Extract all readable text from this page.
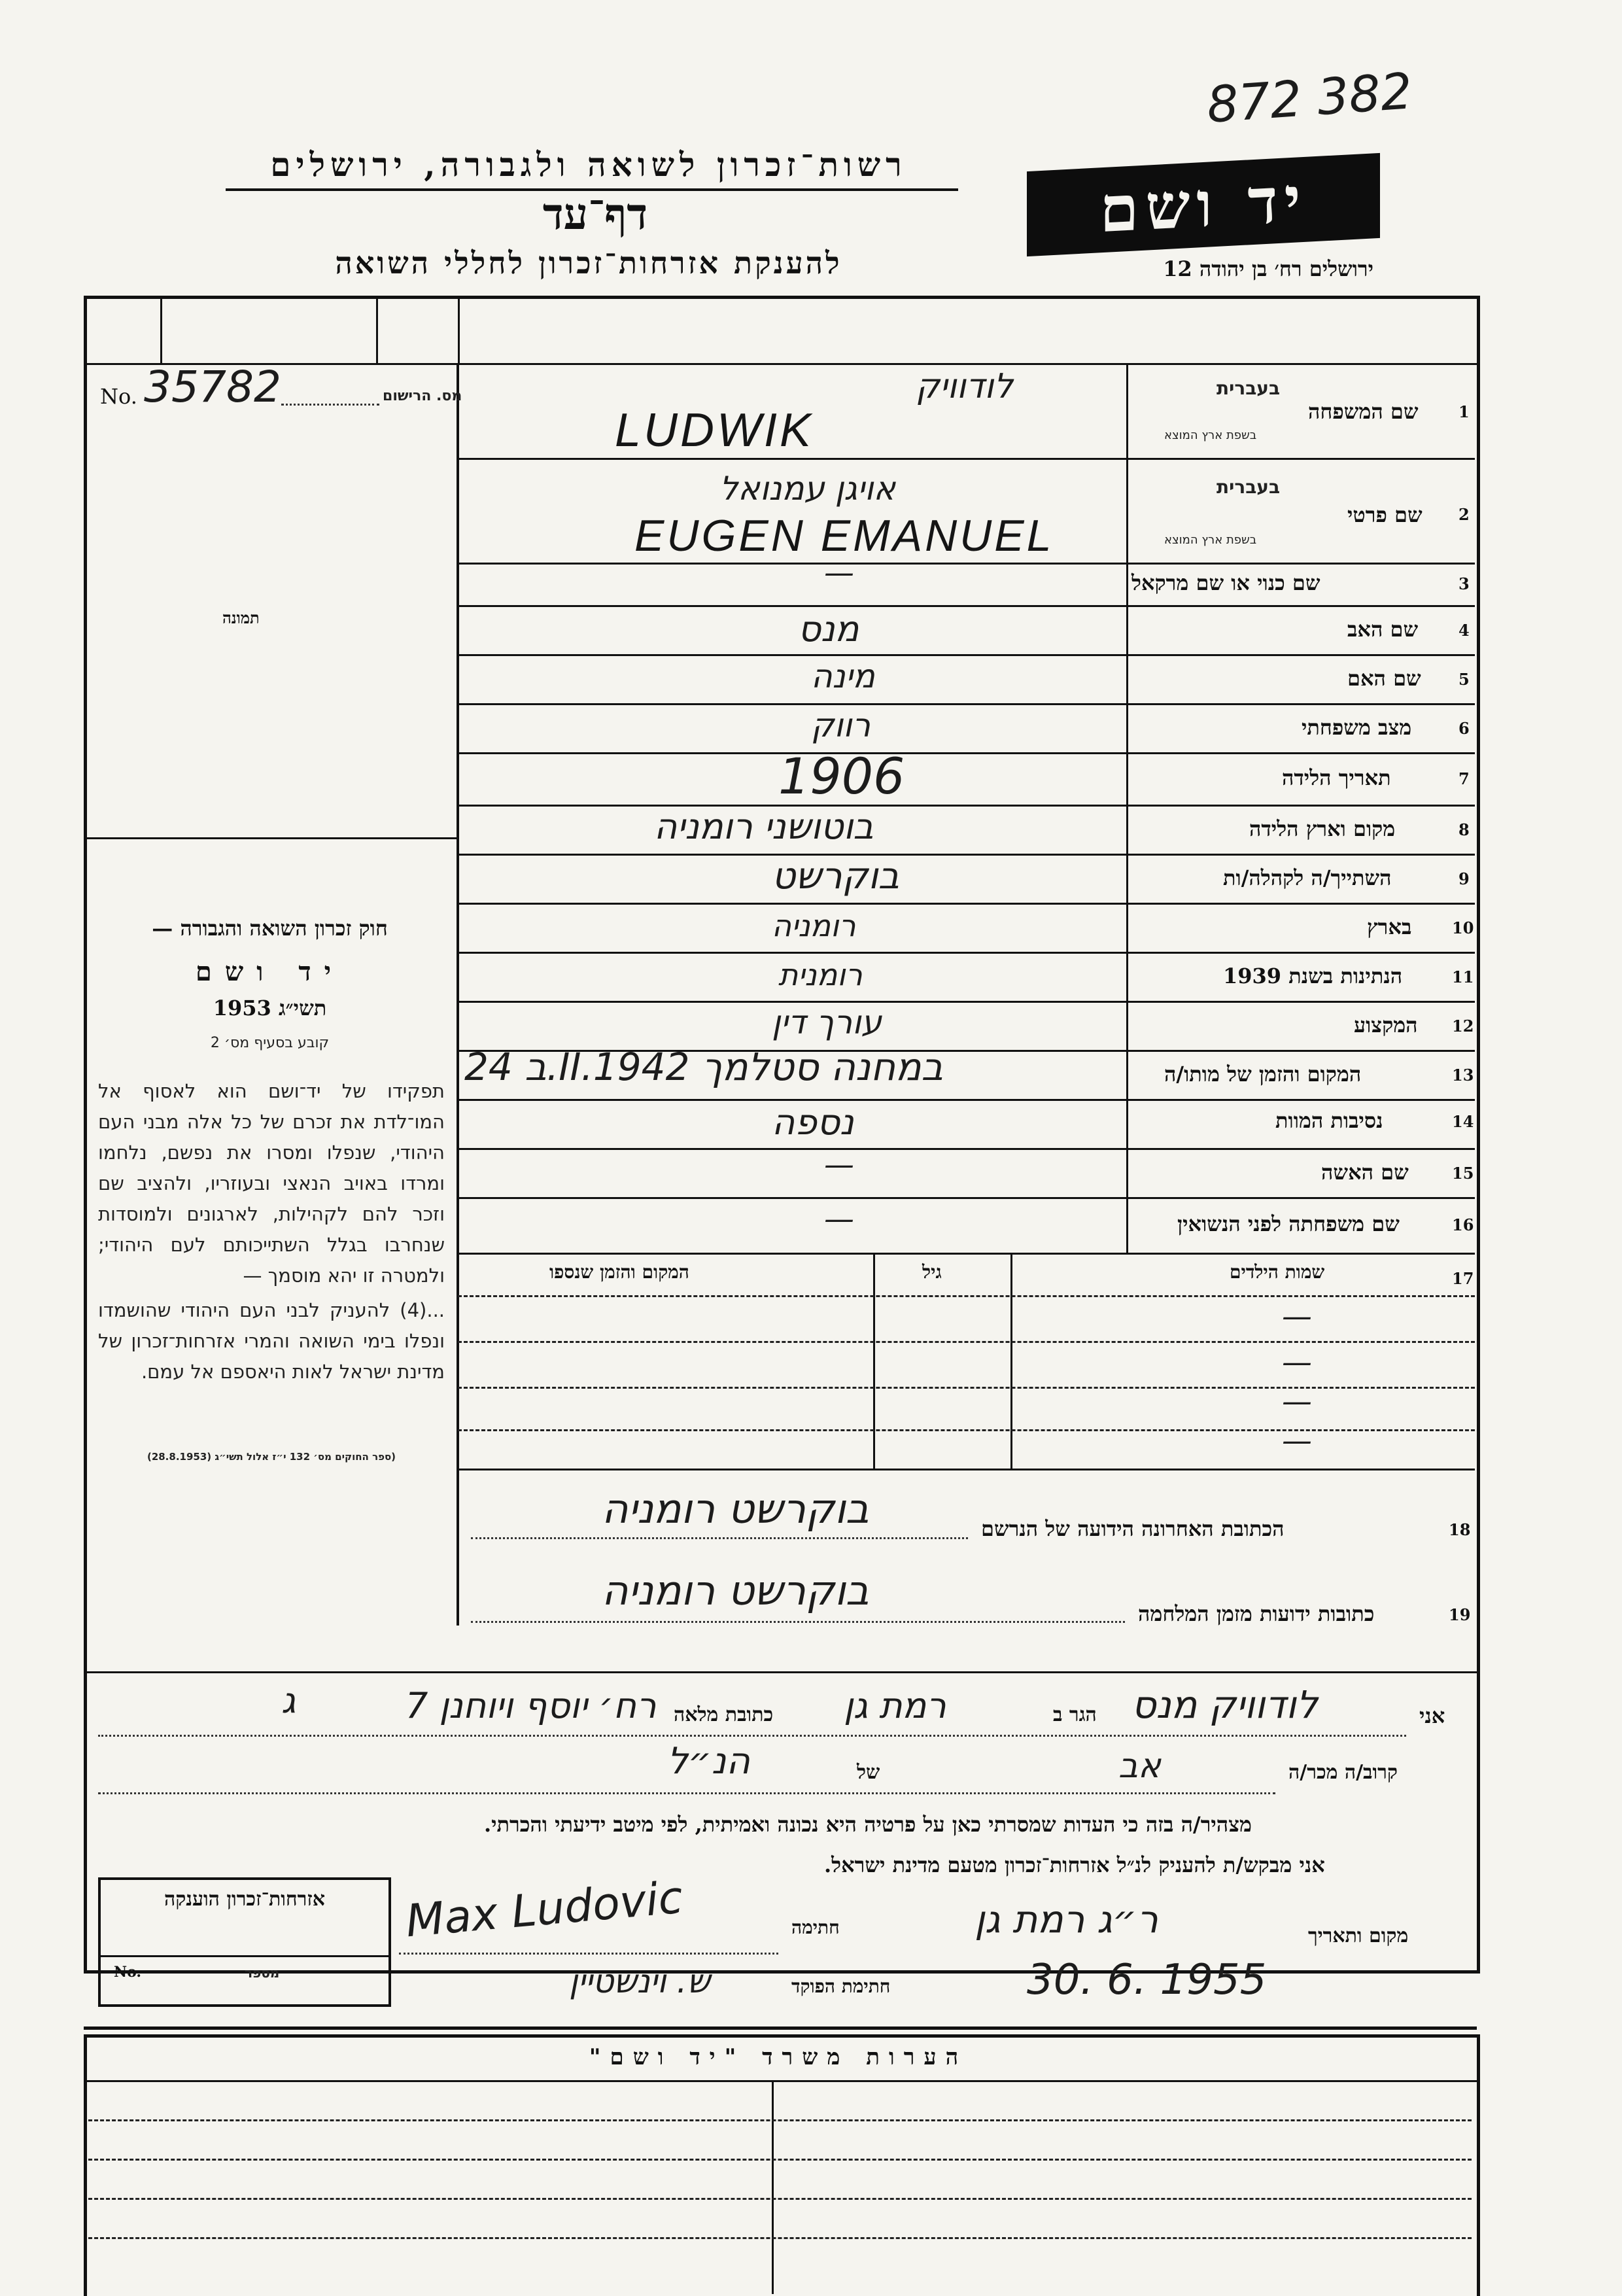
872 382
רשות־זכרון לשואה ולגבורה, ירושלים
דף־עד
להענקת אזרחות־זכרון לחללי השואה
יד ושם
ירושלים רח׳ בן יהודה 12
No. 35782	מס. הרישום
תמונה
חוק זכרון השואה והגבורה —
יד ושם
תשי״ג 1953
קובע בסעיף מס׳ 2
תפקידו של יד־ושם הוא לאסוף אל המו־לדת את זכרם של כל אלה מבני העם היהודי, שנפלו ומסרו את נפשם, נלחמו ומרדו באויב הנאצי ובעוזריו, ולהציב שם וזכר להם לקהילות, לארגונים ולמוסדות שנחרבו בגלל השתייכותם לעם היהודי; ולמטרה זו יהא מוסמך —
...(4) להעניק לבני העם היהודי שהושמדו ונפלו בימי השואה והמרי אזרחות־זכרון של מדינת ישראל לאות היאספם אל עמם.
(ספר החוקים מס׳ 132 י״ז אלול תשי״ג (28.8.1953)
לודוויק
LUDWIK
בעברית
בשפת ארץ המוצא
שם המשפחה	1
אויגן עמנואל
EUGEN EMANUEL
בעברית
בשפת ארץ המוצא
שם פרטי 2
—	שם כנוי או שם מרקאל	3
מנס	שם האב	4
מינה	שם האם 5
רווק	מצב משפחתי	6
1906	תאריך הלידה	7
בוטושני רומניה	מקום וארץ הלידה	8
בוקרשט	השתייך/ה לקהלה/ות	9
רומניה	בארץ	10
רומנית	הנתינות בשנת 1939	11
עורך דין	המקצוע 12
ב 24.II.1942 במחנה סטלמך	המקום והזמן של מותו/ה	13
נספה	נסיבות המוות	14
—	שם האשה	15
—	שם משפחתה לפני הנשואין	16
המקום והזמן שנספו	גיל	שמות הילדים	17
—
—
—
—
בוקרשט רומניה	הכתובת האחרונה הידועה של הנרשם	18
בוקרשט רומניה	כתובות ידועות מזמן המלחמה	19
אני
לודוויק מנס
הגר ב
רמת גן
כתובת מלאה
רח׳ יוסף ויוחנן 7
ג
קרוב/ה מכר/ה
אב
של
הנ״ל
מצהיר/ה בזה כי העדות שמסרתי כאן על פרטיה היא נכונה ואמיתית, לפי מיטב ידיעתי והכרתי.
אני מבקש/ת להעניק לנ״ל אזרחות־זכרון מטעם מדינת ישראל.
מקום ותאריך
ר״ג רמת גן
30. 6. 1955
חתימה
חתימת הפוקד
Max Ludovic
ש. וינשטיין
אזרחות־זכרון הוענקה
מספר
No.
הערות משרד "יד ושם"
